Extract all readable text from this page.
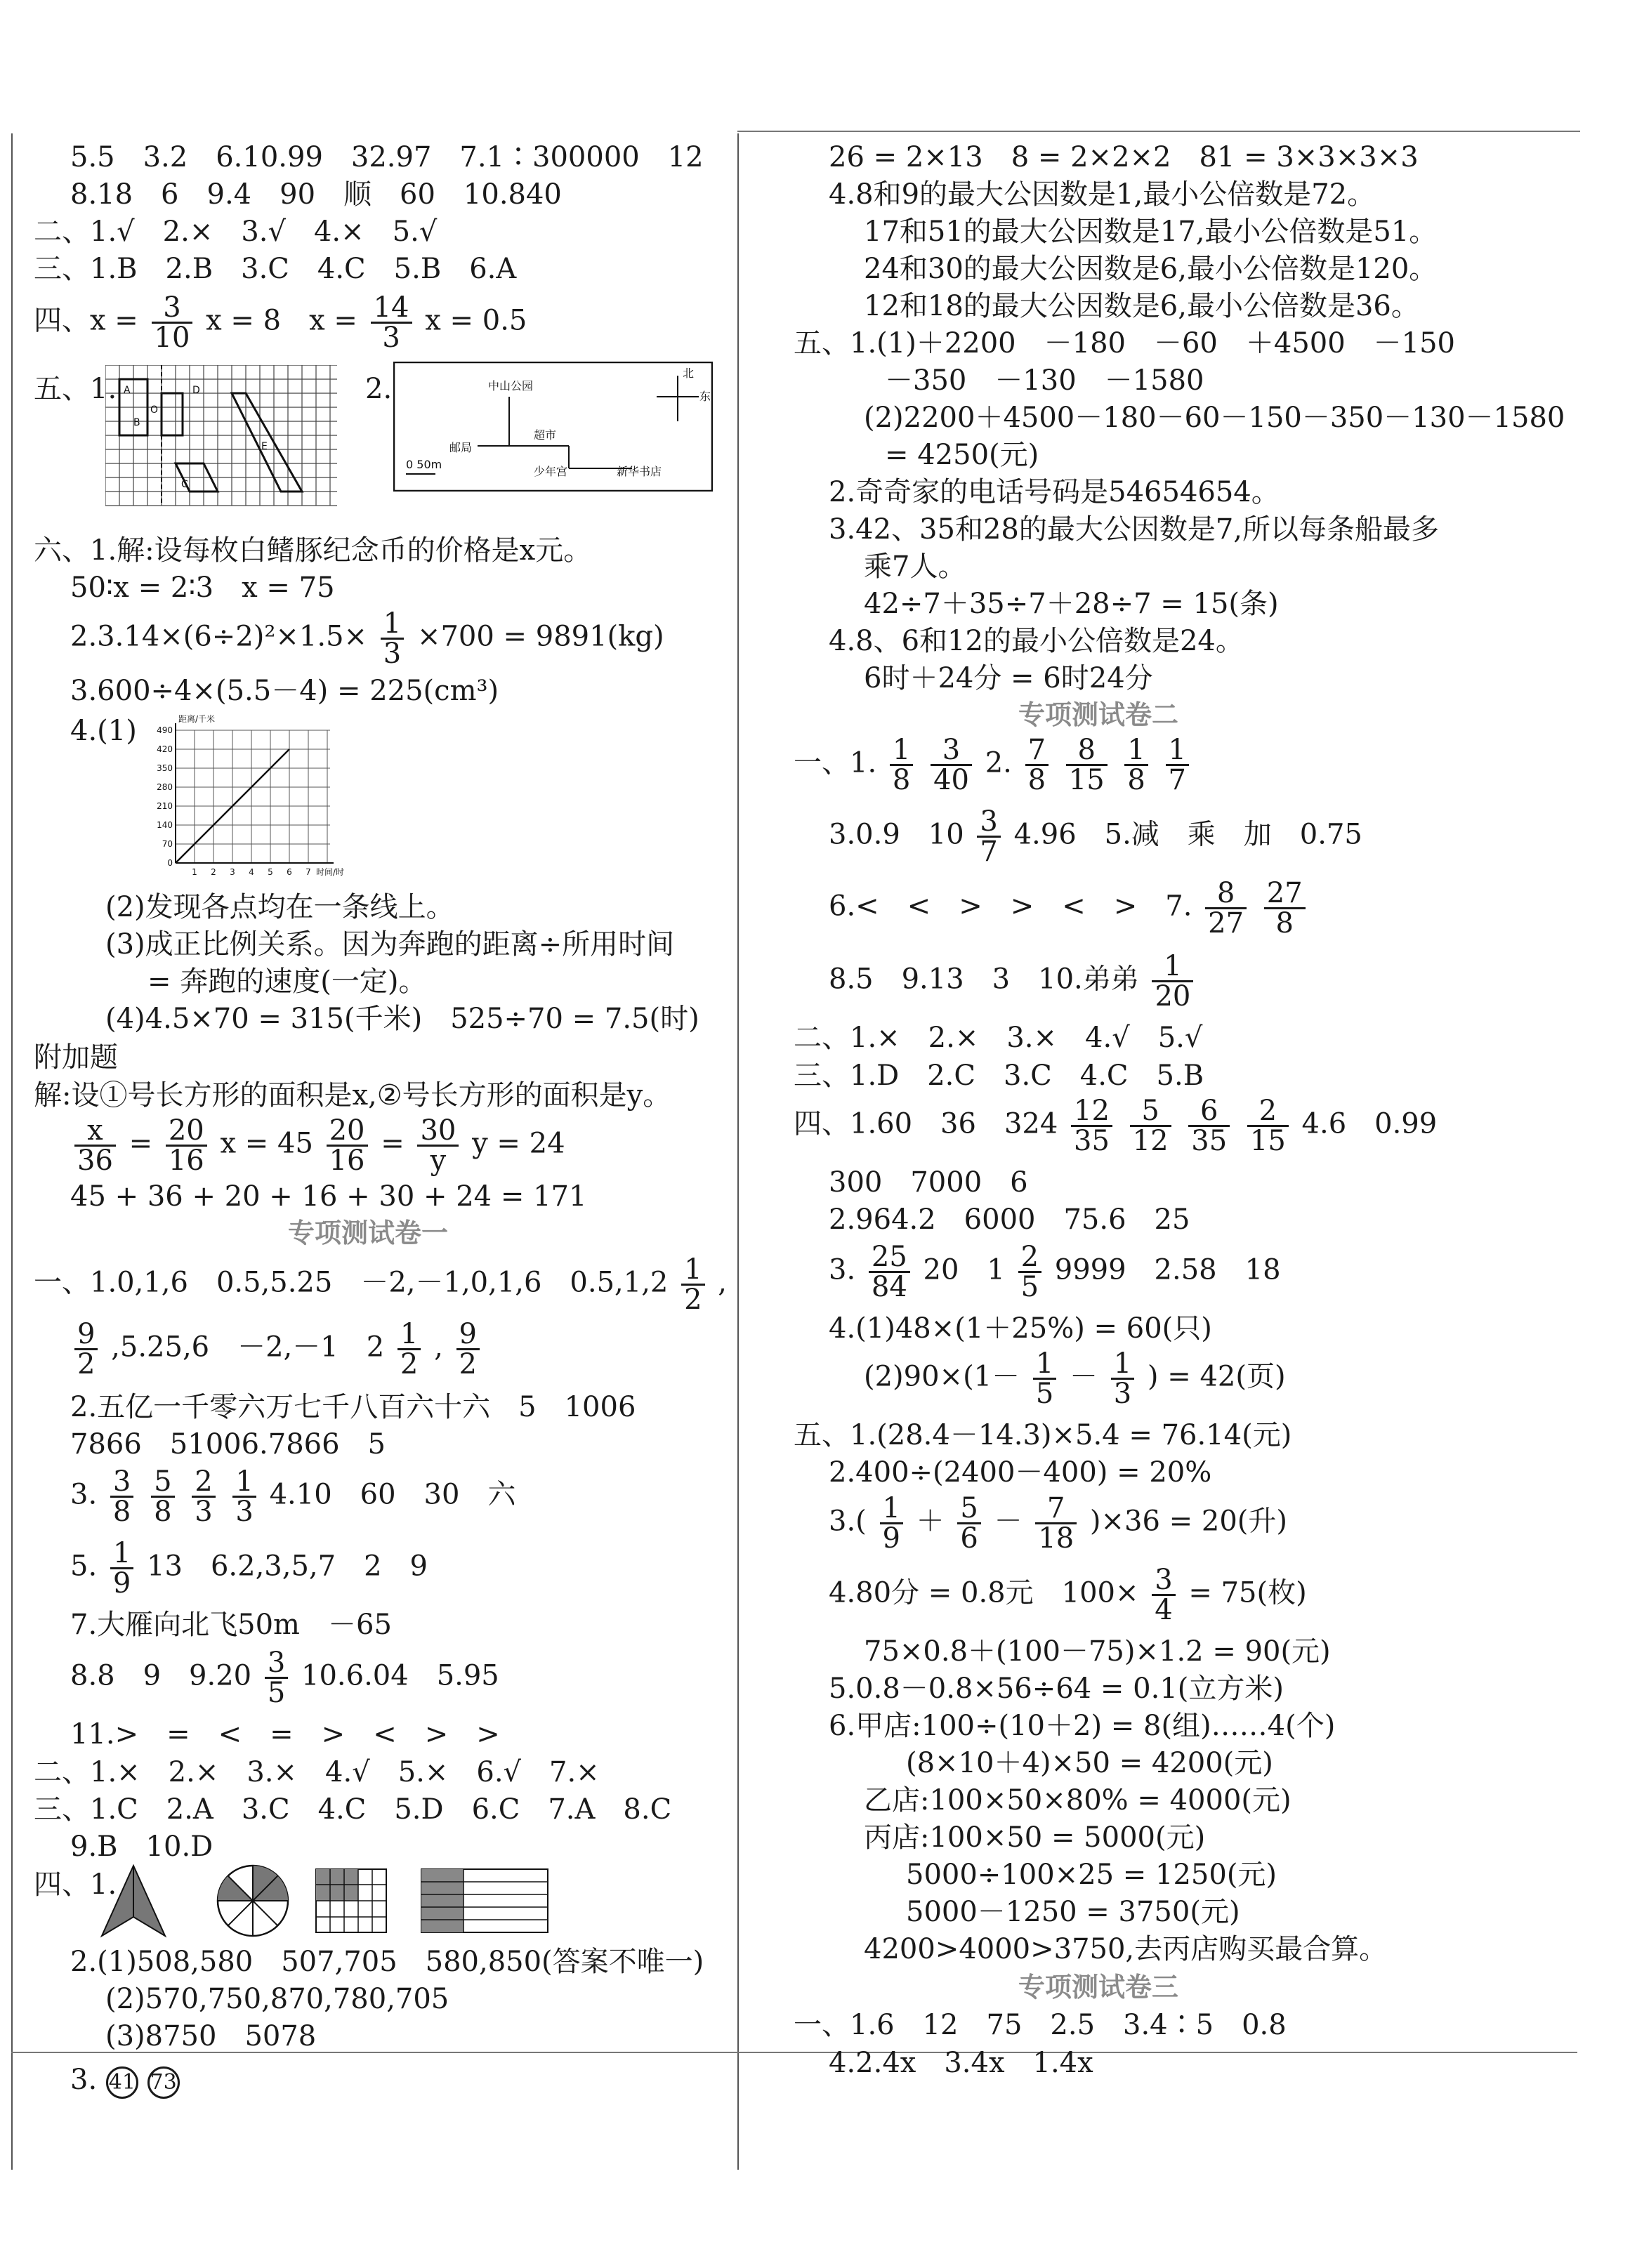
5.5　3.2　6.10.99　32.97　7.1∶300000　12
8.18　6　9.4　90　顺　60　10.840
二、1.√　2.×　3.√　4.×　5.√
三、1.B　2.B　3.C　4.C　5.B　6.A
四、$x = \frac{3}{10}$ x = 8　$x = \frac{14}{3}$ x = 0.5
五、1.	2.
A
O
B
D
E
C
中山公园
邮局
超市
少年宫	新华书店
北
东
0 50m
六、1.解:设每枚白鳍豚纪念币的价格是x元。
50∶x = 2∶3　x = 75
$2.3.14\times(6\div 2)^2\times 1.5\times \frac{1}{3} \times 700 = 9891(kg)$
3.600÷4×(5.5－4) = 225(cm³)
4.(1) 490
420
350
280
210
140
70
0
1 2 3 4 5 6 7
距离/千米
时间/时
(2)发现各点均在一条线上。
(3)成正比例关系。因为奔跑的距离÷所用时间
= 奔跑的速度(一定)。
(4)4.5×70 = 315(千米)　525÷70 = 7.5(时)
附加题
解:设①号长方形的面积是x,②号长方形的面积是y。
$\frac{x}{36} = \frac{20}{16}$ $x = 45 \frac{20}{16} = \frac{30}{y}$ y = 24
45 + 36 + 20 + 16 + 30 + 24 = 171
专项测试卷一
一、1.0,1,6　0.5,5.25　－2,－1,0,1,6　$0.5,1,2 \frac{1}{2}$ ,
$\frac{9}{2} ,5.25,6$　－2,－1　$2 \frac{1}{2}$ , $\frac{9}{2}$
2.五亿一千零六万七千八百六十六　5　1006
7866　51006.7866　5
3. $\frac{3}{8}$
$\frac{5}{8}$
$\frac{2}{3}$
$\frac{1}{3} 4.10$　60　30　六
5. $\frac{1}{9} 13$　6.2,3,5,7　2　9
7.大雁向北飞50m　－65
8.8　9　$9.20 \frac{3}{5} 10.6.04$　5.95
11.>　=　<　=　>　<　>　>
二、1.×　2.×　3.×　4.√　5.×　6.√　7.×
三、1.C　2.A　3.C　4.C　5.D　6.C　7.A　8.C
9.B　10.D
四、1.
2.(1)508,580　507,705　580,850(答案不唯一)
(2)570,750,870,780,705
(3)8750　5078
3. 41 73
26 = 2×13　8 = 2×2×2　81 = 3×3×3×3
4.8和9的最大公因数是1,最小公倍数是72。
17和51的最大公因数是17,最小公倍数是51。
24和30的最大公因数是6,最小公倍数是120。
12和18的最大公因数是6,最小公倍数是36。
五、1.(1)＋2200　－180　－60　＋4500　－150
－350　－130　－1580
(2)2200＋4500－180－60－150－350－130－1580
= 4250(元)
2.奇奇家的电话号码是54654654。
3.42、35和28的最大公因数是7,所以每条船最多
乘7人。
42÷7＋35÷7＋28÷7 = 15(条)
4.8、6和12的最小公倍数是24。
6时＋24分 = 6时24分
专项测试卷二
一、1. $\frac{1}{8}$
$\frac{3}{40} 2$. $\frac{7}{8}$
$\frac{8}{15}$
$\frac{1}{8}$
$\frac{1}{7}$
3.0.9　$10 \frac{3}{7} 4.96$　5.减　乘　加　0.75
6.<　<　>　>　<　>　7. $\frac{8}{27}$
$\frac{27}{8}$
8.5　9.13　3　10.弟弟 $\frac{1}{20}$
二、1.×　2.×　3.×　4.√　5.√
三、1.D　2.C　3.C　4.C　5.B
四、1.60　36　$324 \frac{12}{35}$
$\frac{5}{12}$
$\frac{6}{35}$
$\frac{2}{15} 4.6$　0.99
300　7000　6
2.964.2　6000　75.6　25
3. $\frac{25}{84} 20$　$1 \frac{2}{5} 9999$　2.58　18
4.(1)48×(1＋25%) = 60(只)
$(2)90\times(1- \frac{1}{5} - \frac{1}{3}$ ) = 42(页)
五、1.(28.4－14.3)×5.4 = 76.14(元)
2.400÷(2400－400) = 20%
$3.( \frac{1}{9} + \frac{5}{6} - \frac{7}{18} )\times 36 = 20$(升)
4.80分 = 0.8元　$100\times \frac{3}{4} = 75$(枚)
75×0.8＋(100－75)×1.2 = 90(元)
5.0.8－0.8×56÷64 = 0.1(立方米)
6.甲店:100÷(10＋2) = 8(组)……4(个)
(8×10＋4)×50 = 4200(元)
乙店:100×50×80% = 4000(元)
丙店:100×50 = 5000(元)
5000÷100×25 = 1250(元)
5000－1250 = 3750(元)
4200>4000>3750,去丙店购买最合算。
专项测试卷三
一、1.6　12　75　2.5　3.4∶5　0.8
4.2.4x　3.4x　1.4x
